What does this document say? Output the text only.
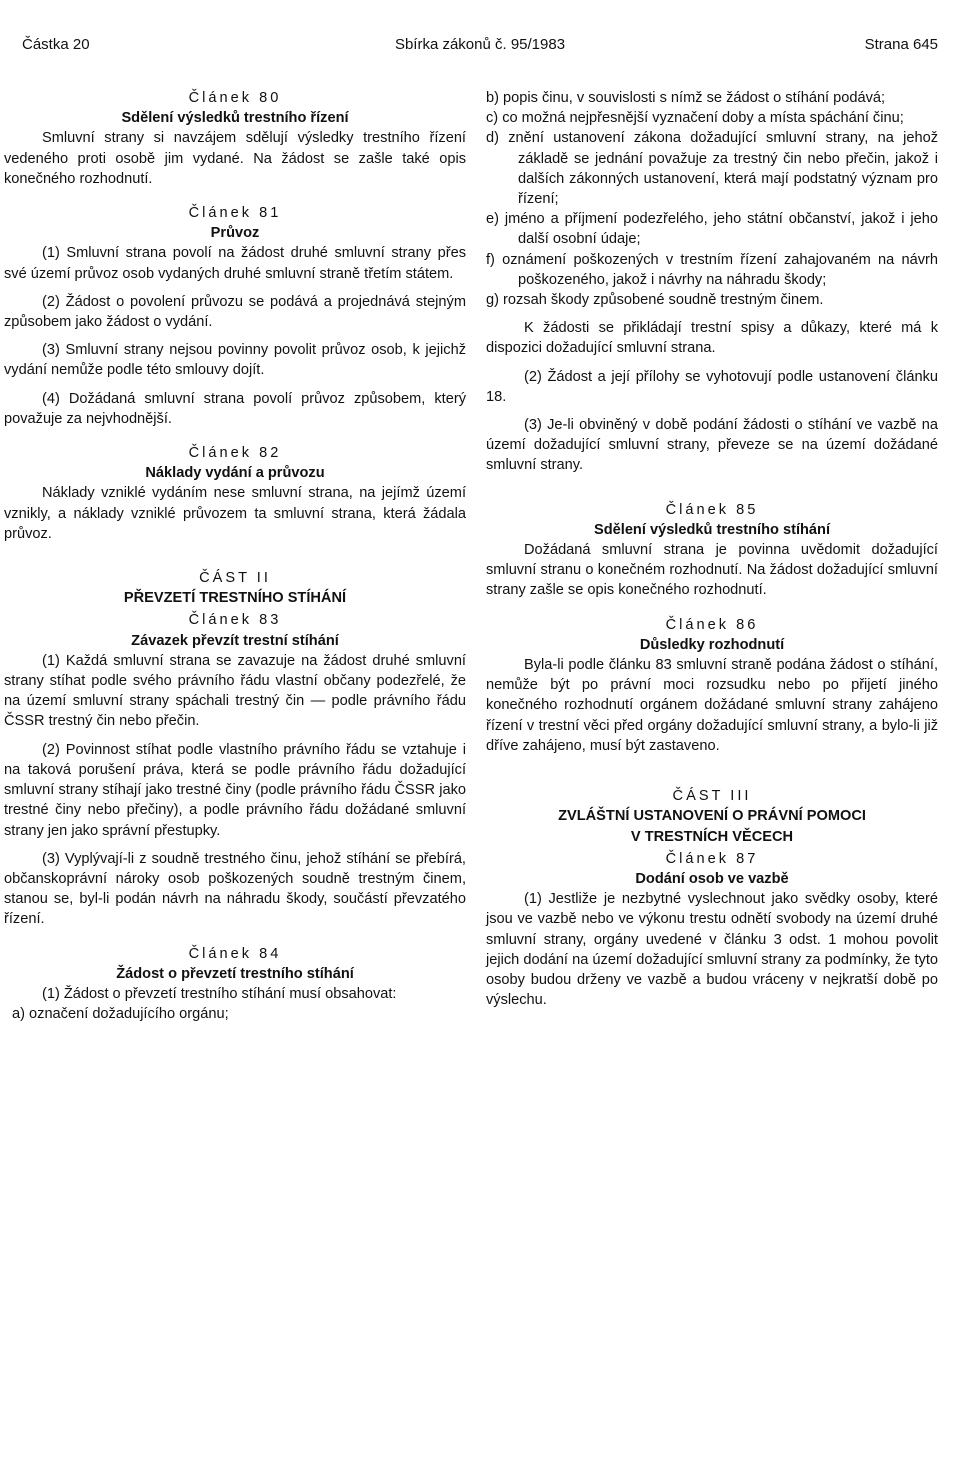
Částka 20	Sbírka zákonů č. 95/1983	Strana 645
Článek 80
Sdělení výsledků trestního řízení

Smluvní strany si navzájem sdělují výsledky trestního řízení vedeného proti osobě jim vydané. Na žádost se zašle také opis konečného rozhodnutí.

Článek 81
Průvoz

(1) Smluvní strana povolí na žádost druhé smluvní strany přes své území průvoz osob vydaných druhé smluvní straně třetím státem.

(2) Žádost o povolení průvozu se podává a projednává stejným způsobem jako žádost o vydání.

(3) Smluvní strany nejsou povinny povolit průvoz osob, k jejichž vydání nemůže podle této smlouvy dojít.

(4) Dožádaná smluvní strana povolí průvoz způsobem, který považuje za nejvhodnější.

Článek 82
Náklady vydání a průvozu

Náklady vzniklé vydáním nese smluvní strana, na jejímž území vznikly, a náklady vzniklé průvozem ta smluvní strana, která žádala průvoz.

ČÁST II
PŘEVZETÍ TRESTNÍHO STÍHÁNÍ
Článek 83
Závazek převzít trestní stíhání

(1) Každá smluvní strana se zavazuje na žádost druhé smluvní strany stíhat podle svého právního řádu vlastní občany podezřelé, že na území smluvní strany spáchali trestný čin — podle právního řádu ČSSR trestný čin nebo přečin.

(2) Povinnost stíhat podle vlastního právního řádu se vztahuje i na taková porušení práva, která se podle právního řádu dožadující smluvní strany stíhají jako trestné činy (podle právního řádu ČSSR jako trestné činy nebo přečiny), a podle právního řádu dožádané smluvní strany jen jako správní přestupky.

(3) Vyplývají-li z soudně trestného činu, jehož stíhání se přebírá, občanskoprávní nároky osob poškozených soudně trestným činem, stanou se, byl-li podán návrh na náhradu škody, součástí převzatého řízení.

Článek 84
Žádost o převzetí trestního stíhání

(1) Žádost o převzetí trestního stíhání musí obsahovat:

a) označení dožadujícího orgánu;

b) popis činu, v souvislosti s nímž se žádost o stíhání podává;

c) co možná nejpřesnější vyznačení doby a místa spáchání činu;

d) znění ustanovení zákona dožadující smluvní strany, na jehož základě se jednání považuje za trestný čin nebo přečin, jakož i dalších zákonných ustanovení, která mají podstatný význam pro řízení;

e) jméno a příjmení podezřelého, jeho státní občanství, jakož i jeho další osobní údaje;

f) oznámení poškozených v trestním řízení zahajovaném na návrh poškozeného, jakož i návrhy na náhradu škody;

g) rozsah škody způsobené soudně trestným činem.

K žádosti se přikládají trestní spisy a důkazy, které má k dispozici dožadující smluvní strana.

(2) Žádost a její přílohy se vyhotovují podle ustanovení článku 18.

(3) Je-li obviněný v době podání žádosti o stíhání ve vazbě na území dožadující smluvní strany, převeze se na území dožádané smluvní strany.

Článek 85
Sdělení výsledků trestního stíhání

Dožádaná smluvní strana je povinna uvědomit dožadující smluvní stranu o konečném rozhodnutí. Na žádost dožadující smluvní strany zašle se opis konečného rozhodnutí.

Článek 86
Důsledky rozhodnutí

Byla-li podle článku 83 smluvní straně podána žádost o stíhání, nemůže být po právní moci rozsudku nebo po přijetí jiného konečného rozhodnutí orgánem dožádané smluvní strany zahájeno řízení v trestní věci před orgány dožadující smluvní strany, a bylo-li již dříve zahájeno, musí být zastaveno.

ČÁST III
ZVLÁŠTNÍ USTANOVENÍ O PRÁVNÍ POMOCI
V TRESTNÍCH VĚCECH
Článek 87
Dodání osob ve vazbě

(1) Jestliže je nezbytné vyslechnout jako svědky osoby, které jsou ve vazbě nebo ve výkonu trestu odnětí svobody na území druhé smluvní strany, orgány uvedené v článku 3 odst. 1 mohou povolit jejich dodání na území dožadující smluvní strany za podmínky, že tyto osoby budou drženy ve vazbě a budou vráceny v nejkratší době po výslechu.
